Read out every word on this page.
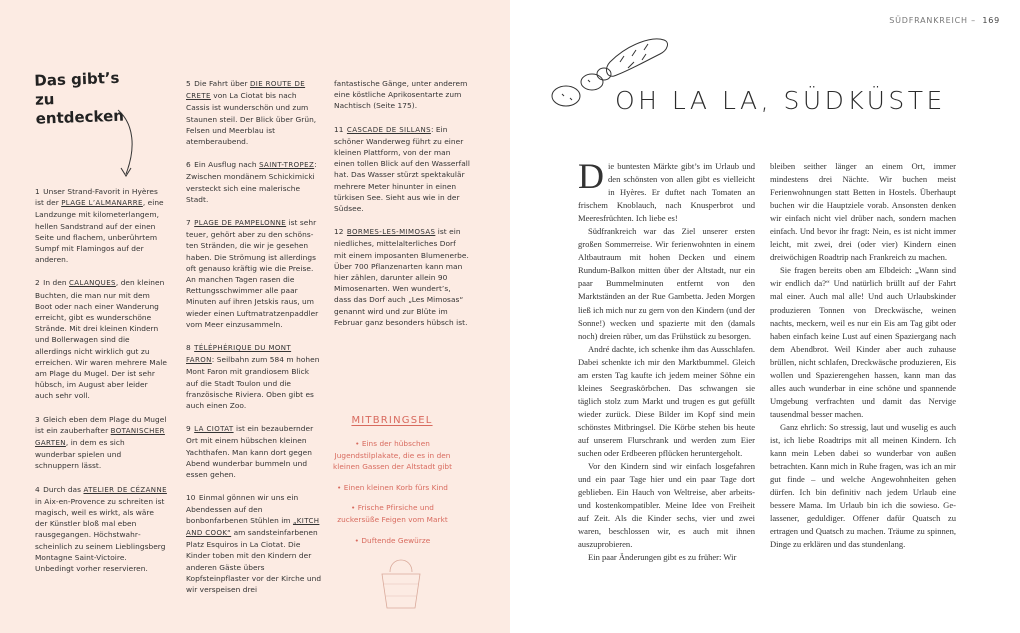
Das gibt’s zu entdecken
1 Unser Strand-Favorit in Hyères ist der PLAGE L’ALMANARRE, eine Landzunge mit kilometerlangem, hellen Sandstrand auf der einen Seite und flachem, unberührtem Sumpf mit Flamingos auf der anderen.
2 In den CALANQUES, den kleinen Buchten, die man nur mit dem Boot oder nach einer Wanderung erreicht, gibt es wunderschöne Strände. Mit drei kleinen Kindern und Bollerwagen sind die allerdings nicht wirklich gut zu erreichen. Wir waren mehrere Male am Plage du Mugel. Der ist sehr hübsch, im August aber leider auch sehr voll.
3 Gleich eben dem Plage du Mugel ist ein zauberhafter BOTANISCHER GARTEN, in dem es sich wunderbar spielen und schnuppern lässt.
4 Durch das ATELIER DE CÉZANNE in Aix-en-Provence zu schreiten ist magisch, weil es wirkt, als wäre der Künstler bloß mal eben rausgegangen. Höchstwahrscheinlich zu seinem Lieblingsberg Montagne Saint-Victoire. Unbedingt vorher reservieren.
5 Die Fahrt über DIE ROUTE DE CRETE von La Ciotat bis nach Cassis ist wunderschön und zum Staunen steil. Der Blick über Grün, Felsen und Meerblau ist atemberaubend.
6 Ein Ausflug nach SAINT-TROPEZ: Zwischen mondänem Schickimicki versteckt sich eine malerische Stadt.
7 PLAGE DE PAMPELONNE ist sehr teuer, gehört aber zu den schönsten Stränden, die wir je gesehen haben. Die Strömung ist allerdings oft genauso kräftig wie die Preise. An manchen Tagen rasen die Rettungsschwimmer alle paar Minuten auf ihren Jetskis raus, um wieder einen Luftmatratzenpaddler vom Meer einzusammeln.
8 TÉLÉPHÉRIQUE DU MONT FARON: Seilbahn zum 584 m hohen Mont Faron mit grandiosem Blick auf die Stadt Toulon und die französische Riviera. Oben gibt es auch einen Zoo.
9 LA CIOTAT ist ein bezaubernder Ort mit einem hübschen kleinen Yachthafen. Man kann dort gegen Abend wunderbar bummeln und essen gehen.
10 Einmal gönnen wir uns ein Abendessen auf den bonbonfarbenen Stühlen im „KITCH AND COOK“ am sandsteinfarbenen Platz Esquiros in La Ciotat. Die Kinder toben mit den Kindern der anderen Gäste übers Kopfsteinpflaster vor der Kirche und wir verspeisen drei
fantastische Gänge, unter anderem eine köstliche Aprikosentarte zum Nachtisch (Seite 175).
11 CASCADE DE SILLANS: Ein schöner Wanderweg führt zu einer kleinen Plattform, von der man einen tollen Blick auf den Wasserfall hat. Das Wasser stürzt spektakulär mehrere Meter hinunter in einen türkisen See. Sieht aus wie in der Südsee.
12 BORMES-LES-MIMOSAS ist ein niedliches, mittelalterliches Dorf mit einem imposanten Blumenerbe. Über 700 Pflanzenarten kann man hier zählen, darunter allein 90 Mimosenarten. Wen wundert’s, dass das Dorf auch „Les Mimosas“ genannt wird und zur Blüte im Februar ganz besonders hübsch ist.
MITBRINGSEL
• Eins der hübschen Jugendstilplakate, die es in den kleinen Gassen der Altstadt gibt
• Einen kleinen Korb fürs Kind
• Frische Pfirsiche und zuckersüße Feigen vom Markt
• Duftende Gewürze
SÜDFRANKREICH – 169
OH LA LA, SÜDKÜSTE

Die buntesten Märkte gibt’s im Urlaub und den schönsten von allen gibt es vielleicht in Hyères. Er duftet nach Tomaten an frischem Knoblauch, nach Knusperbrot und Meeresfrüchten. Ich liebe es!

Südfrankreich war das Ziel unserer ersten großen Sommerreise. Wir ferienwohnten in einem Altbautraum mit hohen Decken und einem Rundum-Balkon mitten über der Altstadt, nur ein paar Bummelminuten entfernt von den Marktständen an der Rue Gambetta. Jeden Morgen ließ ich mich nur zu gern von den Kindern (und der Sonne!) wecken und spazierte mit den (damals noch) dreien rüber, um das Frühstück zu besorgen.

André dachte, ich schenke ihm das Ausschlafen. Dabei schenkte ich mir den Marktbummel. Gleich am ersten Tag kaufte ich jedem meiner Söhne ein kleines Seegraskörbchen. Das schwangen sie täglich stolz zum Markt und trugen es gut gefüllt wieder zurück. Diese Bilder im Kopf sind mein schönstes Mitbringsel. Die Körbe stehen bis heute auf unserem Flurschrank und werden zum Eier suchen oder Erdbeeren pflücken heruntergeholt.

Vor den Kindern sind wir einfach losgefahren und ein paar Tage hier und ein paar Tage dort geblieben. Ein Hauch von Weltreise, aber arbeits- und kostenkompatibler. Meine Idee von Freiheit auf Zeit. Als die Kinder sechs, vier und zwei waren, beschlossen wir, es auch mit ihnen auszuprobieren.

Ein paar Änderungen gibt es zu früher: Wir

bleiben seither länger an einem Ort, immer mindestens drei Nächte. Wir buchen meist Ferienwohnungen statt Betten in Hostels. Überhaupt buchen wir die Hauptziele vorab. Ansonsten denken wir einfach nicht viel drüber nach, sondern machen einfach. Und bevor ihr fragt: Nein, es ist nicht immer leicht, mit zwei, drei (oder vier) Kindern einen dreiwöchigen Roadtrip nach Frankreich zu machen.

Sie fragen bereits oben am Elbdeich: „Wann sind wir endlich da?“ Und natürlich brüllt auf der Fahrt mal einer. Auch mal alle! Und auch Urlaubskinder produzieren Tonnen von Dreckwäsche, weinen nachts, meckern, weil es nur ein Eis am Tag gibt oder haben einfach keine Lust auf einen Spaziergang nach dem Abendbrot. Weil Kinder aber auch zuhause brüllen, nicht schlafen, Dreckwäsche produzieren, Eis wollen und Spazierengehen hassen, kann man das alles auch wunderbar in eine schöne und spannende Umgebung verfrachten und damit das Nervige tausendmal besser machen.

Ganz ehrlich: So stressig, laut und wuselig es auch ist, ich liebe Roadtrips mit all meinen Kindern. Ich kann mein Leben dabei so wunderbar von außen betrachten. Kann mich in Ruhe fragen, was ich an mir gut finde – und welche Angewohnheiten gehen dürfen. Ich bin definitiv nach jedem Urlaub eine bessere Mama. Im Urlaub bin ich die sowieso. Gelassener, geduldiger. Offener dafür Quatsch zu ertragen und Quatsch zu machen. Träume zu spinnen, Dinge zu erklären und das stundenlang.
